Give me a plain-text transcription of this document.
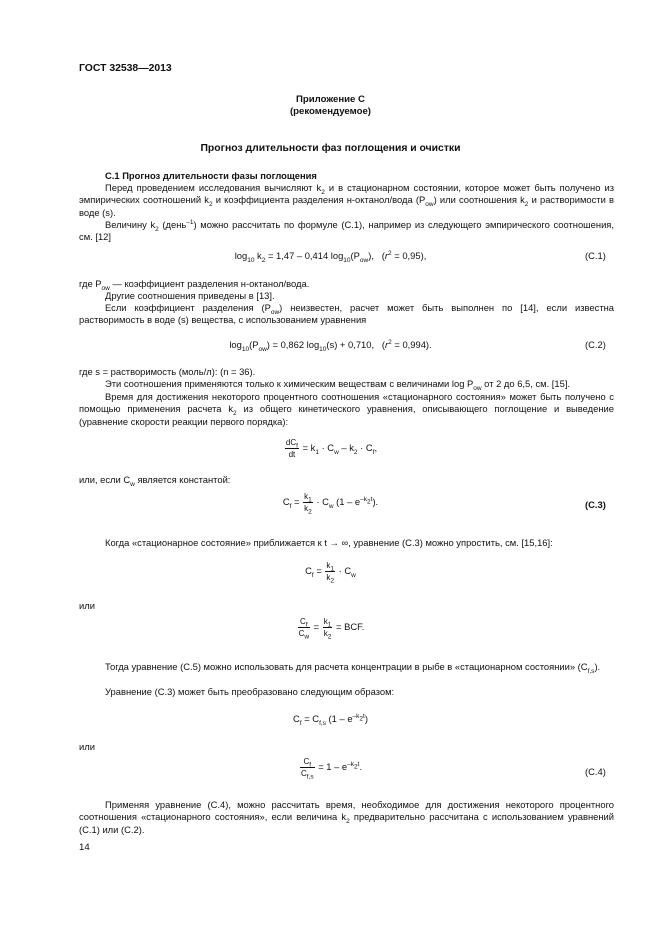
ГОСТ 32538—2013
Приложение С
(рекомендуемое)
Прогноз длительности фаз поглощения и очистки
С.1 Прогноз длительности фазы поглощения
Перед проведением исследования вычисляют $k_2$ и в стационарном состоянии, которое может быть получено из эмпирических соотношений $k_2$ и коэффициента разделения н-октанол/вода $(P_{ow})$ или соотношения $k_2$ и растворимости в воде (s).
Величину $k_2$ (день$^{-1}$) можно рассчитать по формуле (С.1), например из следующего эмпирического соотношения, см. [12]
$\log_{10} k_2 = 1,47 - 0,414$ $\log_{10}(P_{ow})$,   $(r^2 = 0,95)$,	(С.1)
где $P_{ow}$ — коэффициент разделения н-октанол/вода.
Другие соотношения приведены в [13].
Если коэффициент разделения $(P_{ow})$ неизвестен, расчет может быть выполнен по [14], если известна растворимость в воде (s) вещества, с использованием уравнения
$\log_{10}(P_{ow}) = 0,862$ $\log_{10}(s) + 0,710$,   $(r^2 = 0,994)$.	(С.2)
где s = растворимость (моль/л): (n = 36).
Эти соотношения применяются только к химическим веществам с величинами $\log P_{ow}$ от 2 до 6,5, см. [15].
Время для достижения некоторого процентного соотношения «стационарного состояния» может быть получено с помощью применения расчета $k_2$ из общего кинетического уравнения, описывающего поглощение и выведение (уравнение скорости реакции первого порядка):
$\frac{dC_f}{dt} = k_1 \cdot C_w - k_2 \cdot C_f$,
или, если $C_w$ является константой:
$C_f = \frac{k_1}{k_2} \cdot C_w$ $(1 - e^{-k_2t})$.	(С.3)
Когда «стационарное состояние» приближается к t → ∞, уравнение (С.3) можно упростить, см. [15,16]:
$C_f = \frac{k_1}{k_2} \cdot C_w$
или
$\frac{C_f}{C_w} = \frac{k_1}{k_2}$ = BCF.
Тогда уравнение (С.5) можно использовать для расчета концентрации в рыбе в «стационарном состоянии» $(C_{f,s})$.
Уравнение (С.3) может быть преобразовано следующим образом:
$C_f = C_{f,s}$ $(1 - e^{-k_2t})$
или
$\frac{C_f}{C_{f,s}} = 1 - e^{-k_2t}$.	(С.4)
Применяя уравнение (С.4), можно рассчитать время, необходимое для достижения некоторого процентного соотношения «стационарного состояния», если величина $k_2$ предварительно рассчитана с использованием уравнений (С.1) или (С.2).
14
